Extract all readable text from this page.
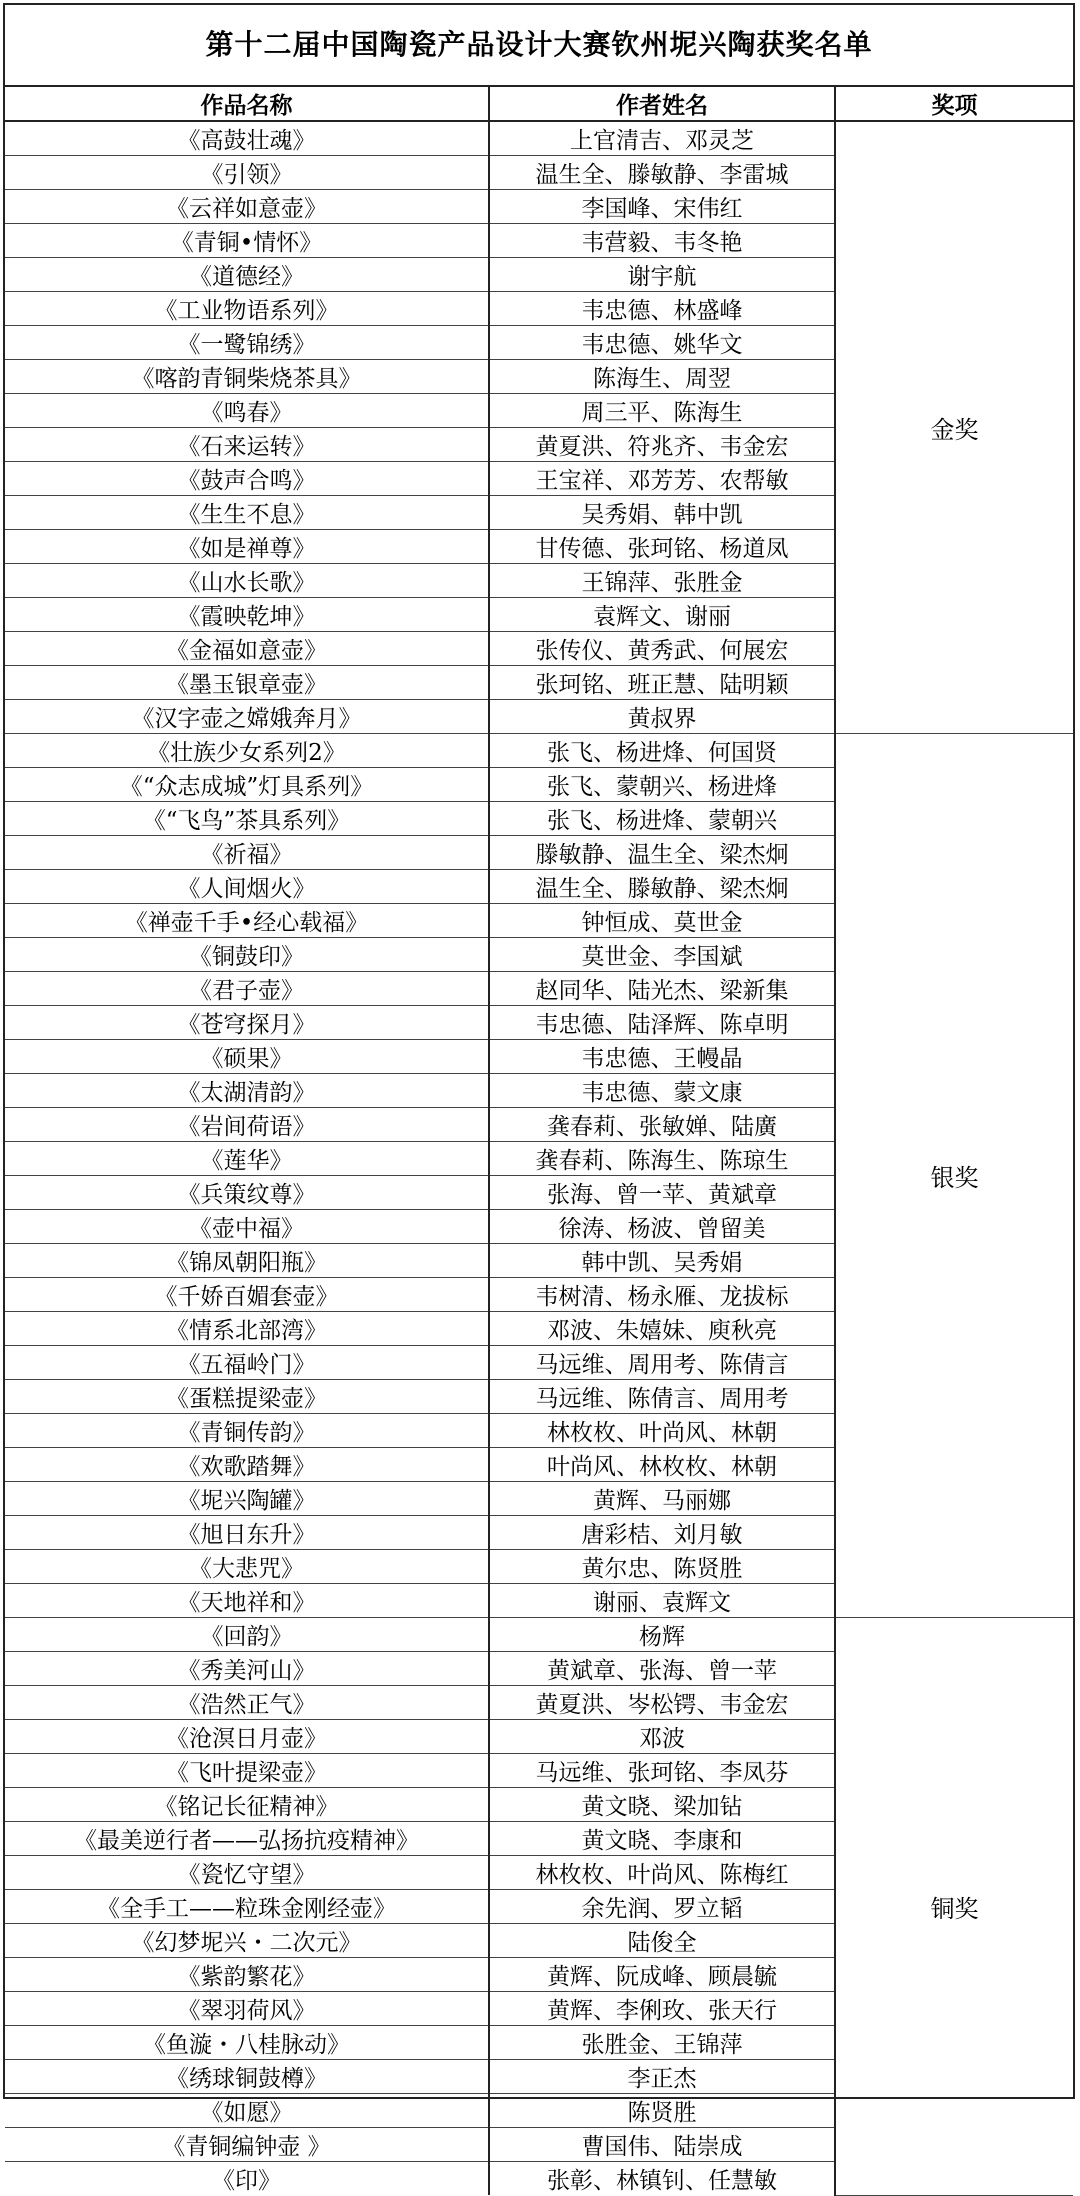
第十二届中国陶瓷产品设计大赛钦州坭兴陶获奖名单
作品名称	作者姓名	奖项
《高鼓壮魂》	上官清吉、邓灵芝	金奖
《引领》	温生全、滕敏静、李雷城	
《云祥如意壶》	李国峰、宋伟红	
《青铜•情怀》	韦营毅、韦冬艳	
《道德经》	谢宇航	
《工业物语系列》	韦忠德、林盛峰	
《一鹭锦绣》	韦忠德、姚华文	
《喀韵青铜柴烧茶具》	陈海生、周翌	
《鸣春》	周三平、陈海生	
《石来运转》	黄夏洪、符兆齐、韦金宏	
《鼓声合鸣》	王宝祥、邓芳芳、农帮敏	
《生生不息》	吴秀娟、韩中凯	
《如是禅尊》	甘传德、张珂铭、杨道凤	
《山水长歌》	王锦萍、张胜金	
《霞映乾坤》	袁辉文、谢丽	
《金福如意壶》	张传仪、黄秀武、何展宏	
《墨玉银章壶》	张珂铭、班正慧、陆明颖	
《汉字壶之嫦娥奔月》	黄叔界	
《壮族少女系列2》	张飞、杨进烽、何国贤	银奖
《“众志成城”灯具系列》	张飞、蒙朝兴、杨进烽	
《“飞鸟”茶具系列》	张飞、杨进烽、蒙朝兴	
《祈福》	滕敏静、温生全、梁杰炯	
《人间烟火》	温生全、滕敏静、梁杰炯	
《禅壶千手•经心载福》	钟恒成、莫世金	
《铜鼓印》	莫世金、李国斌	
《君子壶》	赵同华、陆光杰、梁新集	
《苍穹探月》	韦忠德、陆泽辉、陈卓明	
《硕果》	韦忠德、王幔晶	
《太湖清韵》	韦忠德、蒙文康	
《岩间荷语》	龚春莉、张敏婵、陆廣	
《莲华》	龚春莉、陈海生、陈琼生	
《兵策纹尊》	张海、曾一苹、黄斌章	
《壶中福》	徐涛、杨波、曾留美	
《锦凤朝阳瓶》	韩中凯、吴秀娟	
《千娇百媚套壶》	韦树清、杨永雁、龙拔标	
《情系北部湾》	邓波、朱嬉妹、庾秋亮	
《五福岭门》	马远维、周用考、陈倩言	
《蛋糕提梁壶》	马远维、陈倩言、周用考	
《青铜传韵》	林枚枚、叶尚风、林朝	
《欢歌踏舞》	叶尚风、林枚枚、林朝	
《坭兴陶罐》	黄辉、马丽娜	
《旭日东升》	唐彩桔、刘月敏	
《大悲咒》	黄尔忠、陈贤胜	
《天地祥和》	谢丽、袁辉文	
《回韵》	杨辉	铜奖
《秀美河山》	黄斌章、张海、曾一苹	
《浩然正气》	黄夏洪、岑松锷、韦金宏	
《沧溟日月壶》	邓波	
《飞叶提梁壶》	马远维、张珂铭、李凤芬	
《铭记长征精神》	黄文晓、梁加钻	
《最美逆行者——弘扬抗疫精神》	黄文晓、李康和	
《瓷忆守望》	林枚枚、叶尚风、陈梅红	
《全手工——粒珠金刚经壶》	余先润、罗立韬	
《幻梦坭兴・二次元》	陆俊全	
《紫韵繁花》	黄辉、阮成峰、顾晨毓	
《翠羽荷风》	黄辉、李俐玫、张天行	
《鱼漩・八桂脉动》	张胜金、王锦萍	
《绣球铜鼓樽》	李正杰	
《如愿》	陈贤胜	
《青铜编钟壶 》	曹国伟、陆崇成	
《印》	张彰、林镇钊、任慧敏	
